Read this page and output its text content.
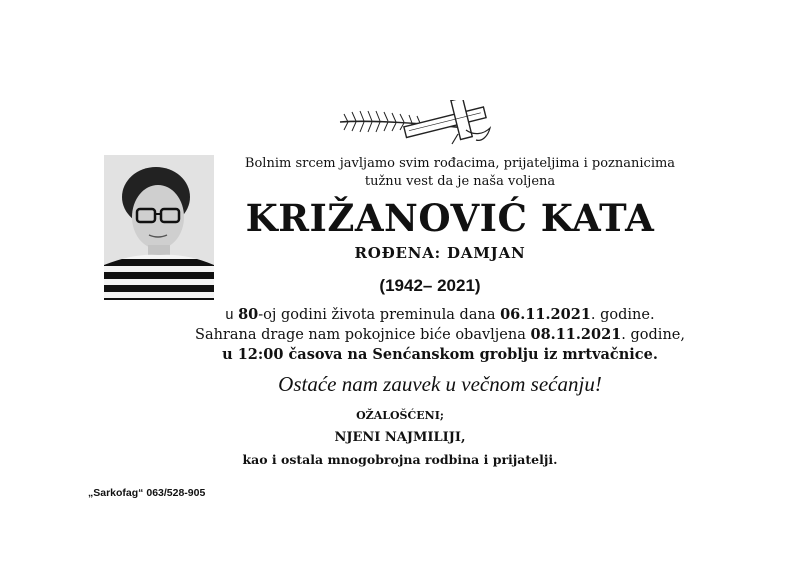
Bolnim srcem javljamo svim rođacima, prijateljima i poznanicima
tužnu vest da je naša voljena
KRIŽANOVIĆ KATA
ROĐENA: DAMJAN
(1942– 2021)
u 80-oj godini života preminula dana 06.11.2021. godine.
Sahrana drage nam pokojnice biće obavljena 08.11.2021. godine,
u 12:00 časova na Senćanskom groblju iz mrtvačnice.
Ostaće nam zauvek u večnom sećanju!
OŽALOŠĆENI;
NJENI NAJMILIJI,
kao i ostala mnogobrojna rodbina i prijatelji.
„Sarkofag“ 063/528-905
